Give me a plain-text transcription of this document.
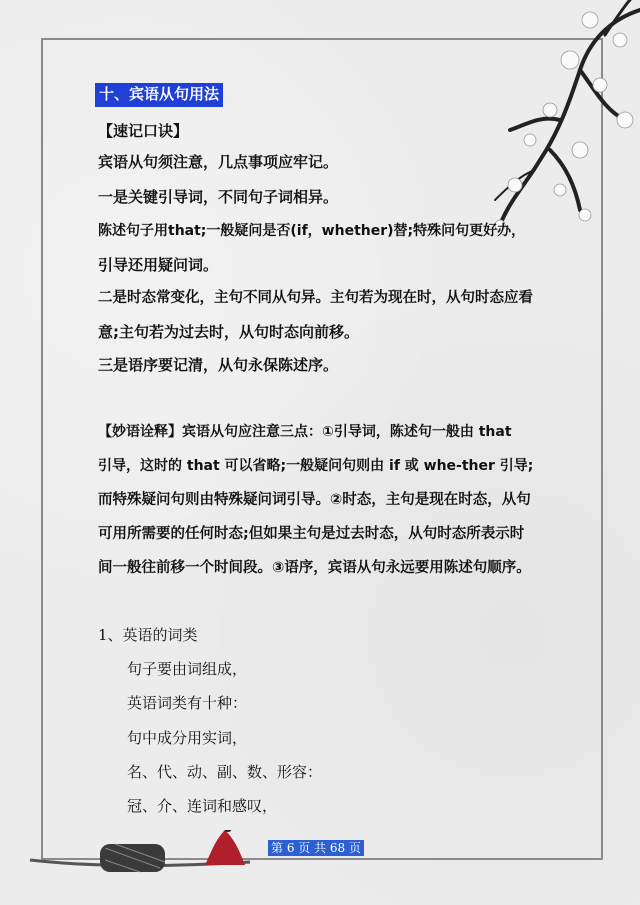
十、宾语从句用法
【速记口诀】
宾语从句须注意，几点事项应牢记。
一是关键引导词，不同句子词相异。
陈述句子用that;一般疑问是否(if，whether)替;特殊问句更好办，
引导还用疑问词。
二是时态常变化，主句不同从句异。主句若为现在时，从句时态应看
意;主句若为过去时，从句时态向前移。
三是语序要记清，从句永保陈述序。
【妙语诠释】宾语从句应注意三点：①引导词，陈述句一般由 that
引导，这时的 that 可以省略;一般疑问句则由 if 或 whe-ther 引导;
而特殊疑问句则由特殊疑问词引导。②时态，主句是现在时态，从句
可用所需要的任何时态;但如果主句是过去时态，从句时态所表示时
间一般往前移一个时间段。③语序，宾语从句永远要用陈述句顺序。
1、英语的词类
句子要由词组成，
英语词类有十种：
句中成分用实词，
名、代、动、副、数、形容：
冠、介、连词和感叹，
第 6 页 共 68 页
